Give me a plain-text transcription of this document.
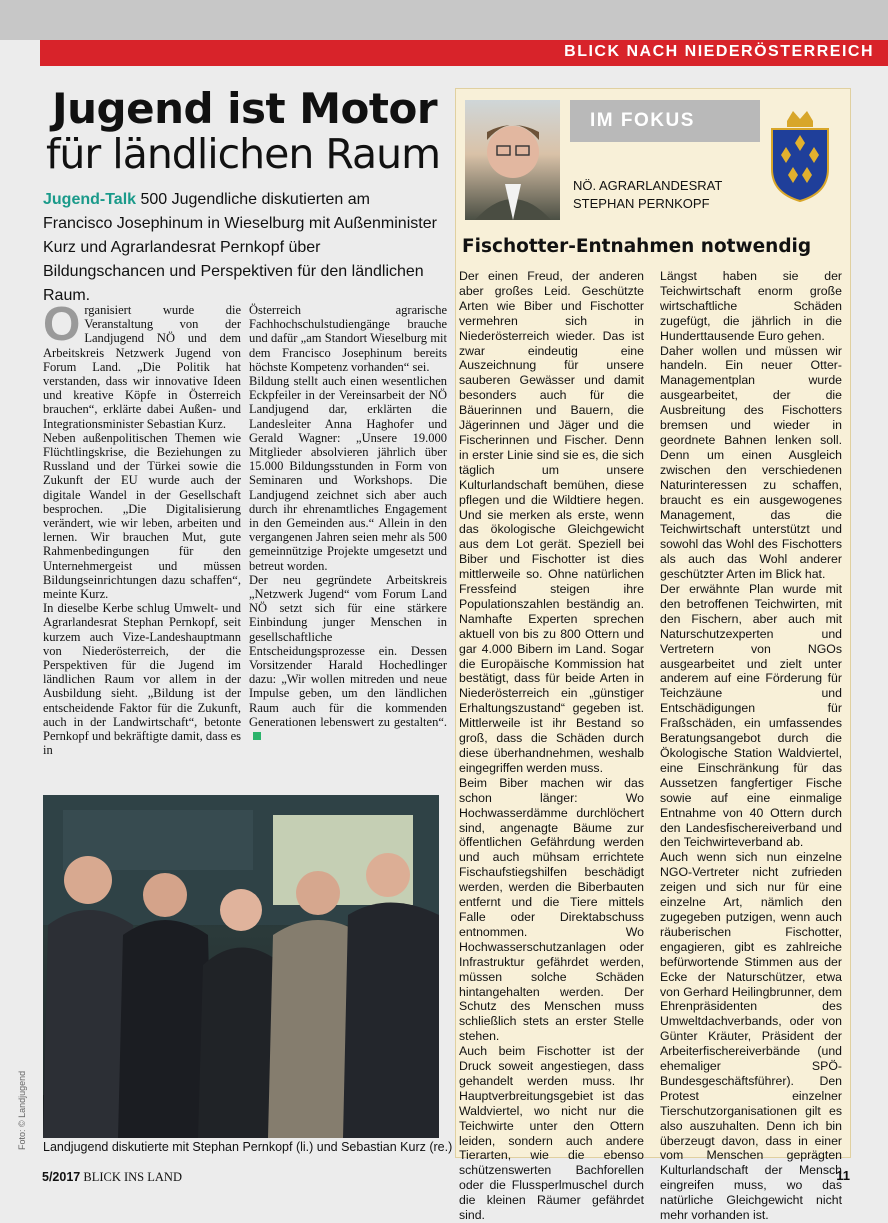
BLICK NACH NIEDERÖSTERREICH
Jugend ist Motor
für ländlichen Raum
Jugend-Talk 500 Jugendliche diskutierten am Francisco Josephinum in Wieselburg mit Außenminister Kurz und Agrarlandesrat Pernkopf über Bildungschancen und Perspektiven für den ländlichen Raum.

Organisiert wurde die Veranstaltung von der Landjugend NÖ und dem Arbeitskreis Netzwerk Jugend von Forum Land. „Die Politik hat verstanden, dass wir innovative Ideen und kreative Köpfe in Österreich brauchen“, erklärte dabei Außen- und Integrationsminister Sebastian Kurz.

Neben außenpolitischen Themen wie Flüchtlingskrise, die Beziehungen zu Russland und der Türkei sowie die Zukunft der EU wurde auch der digitale Wandel in der Gesellschaft besprochen. „Die Digitalisierung verändert, wie wir leben, arbeiten und lernen. Wir brauchen Mut, gute Rahmenbedingungen für den Unternehmergeist und müssen Bildungseinrichtungen dazu schaffen“, meinte Kurz.

In dieselbe Kerbe schlug Umwelt- und Agrarlandesrat Stephan Pernkopf, seit kurzem auch Vize-Landeshauptmann von Niederösterreich, der die Perspektiven für die Jugend im ländlichen Raum vor allem in der Ausbildung sieht. „Bildung ist der entscheidende Faktor für die Zukunft, auch in der Landwirtschaft“, betonte Pernkopf und bekräftigte damit, dass es in

Österreich agrarische Fachhochschulstudiengänge brauche und dafür „am Standort Wieselburg mit dem Francisco Josephinum bereits höchste Kompetenz vorhanden“ sei.

Bildung stellt auch einen wesentlichen Eckpfeiler in der Vereinsarbeit der NÖ Landjugend dar, erklärten die Landesleiter Anna Haghofer und Gerald Wagner: „Unsere 19.000 Mitglieder absolvieren jährlich über 15.000 Bildungsstunden in Form von Seminaren und Workshops. Die Landjugend zeichnet sich aber auch durch ihr ehrenamtliches Engagement in den Gemeinden aus.“ Allein in den vergangenen Jahren seien mehr als 500 gemeinnützige Projekte umgesetzt und betreut worden.

Der neu gegründete Arbeitskreis „Netzwerk Jugend“ vom Forum Land NÖ setzt sich für eine stärkere Einbindung junger Menschen in gesellschaftliche Entscheidungsprozesse ein. Dessen Vorsitzender Harald Hochedlinger dazu: „Wir wollen mitreden und neue Impulse geben, um den ländlichen Raum auch für die kommenden Generationen lebenswert zu gestalten“.

Landjugend diskutierte mit Stephan Pernkopf (li.) und Sebastian Kurz (re.)
Foto: © Landjugend
IM FOKUS
NÖ. AGRARLANDESRAT
STEPHAN PERNKOPF
Fischotter-Entnahmen notwendig

Der einen Freud, der anderen aber großes Leid. Geschützte Arten wie Biber und Fischotter vermehren sich in Niederösterreich wieder. Das ist zwar eindeutig eine Auszeichnung für unsere sauberen Gewässer und damit besonders auch für die Bäuerinnen und Bauern, die Jägerinnen und Jäger und die Fischerinnen und Fischer. Denn in erster Linie sind sie es, die sich täglich um unsere Kulturlandschaft bemühen, diese pflegen und die Wildtiere hegen. Und sie merken als erste, wenn das ökologische Gleichgewicht aus dem Lot gerät. Speziell bei Biber und Fischotter ist dies mittlerweile so. Ohne natürlichen Fressfeind steigen ihre Populationszahlen beständig an. Namhafte Experten sprechen aktuell von bis zu 800 Ottern und gar 4.000 Bibern im Land. Sogar die Europäische Kommission hat bestätigt, dass für beide Arten in Niederösterreich ein „günstiger Erhaltungszustand“ gegeben ist. Mittlerweile ist ihr Bestand so groß, dass die Schäden durch diese überhandnehmen, weshalb eingegriffen werden muss.

Beim Biber machen wir das schon länger: Wo Hochwasserdämme durchlöchert sind, angenagte Bäume zur öffentlichen Gefährdung werden und auch mühsam errichtete Fischaufstiegshilfen beschädigt werden, werden die Biberbauten entfernt und die Tiere mittels Falle oder Direktabschuss entnommen. Wo Hochwasserschutzanlagen oder Infrastruktur gefährdet werden, müssen solche Schäden hintangehalten werden. Der Schutz des Menschen muss schließlich stets an erster Stelle stehen.

Auch beim Fischotter ist der Druck soweit angestiegen, dass gehandelt werden muss. Ihr Hauptverbreitungsgebiet ist das Waldviertel, wo nicht nur die Teichwirte unter den Ottern leiden, sondern auch andere Tierarten, wie die ebenso schützenswerten Bachforellen oder die Flussperlmuschel durch die kleinen Räumer gefährdet sind.

Längst haben sie der Teichwirtschaft enorm große wirtschaftliche Schäden zugefügt, die jährlich in die Hunderttausende Euro gehen.

Daher wollen und müssen wir handeln. Ein neuer Otter-Managementplan wurde ausgearbeitet, der die Ausbreitung des Fischotters bremsen und wieder in geordnete Bahnen lenken soll. Denn um einen Ausgleich zwischen den verschiedenen Naturinteressen zu schaffen, braucht es ein ausgewogenes Management, das die Teichwirtschaft unterstützt und sowohl das Wohl des Fischotters als auch das Wohl anderer geschützter Arten im Blick hat.

Der erwähnte Plan wurde mit den betroffenen Teichwirten, mit den Fischern, aber auch mit Naturschutzexperten und Vertretern von NGOs ausgearbeitet und zielt unter anderem auf eine Förderung für Teichzäune und Entschädigungen für Fraßschäden, ein umfassendes Beratungsangebot durch die Ökologische Station Waldviertel, eine Einschränkung für das Aussetzen fangfertiger Fische sowie auf eine einmalige Entnahme von 40 Ottern durch den Landesfischereiverband und den Teichwirteverband ab.

Auch wenn sich nun einzelne NGO-Vertreter nicht zufrieden zeigen und sich nur für eine einzelne Art, nämlich den zugegeben putzigen, wenn auch räuberischen Fischotter, engagieren, gibt es zahlreiche befürwortende Stimmen aus der Ecke der Naturschützer, etwa von Gerhard Heilingbrunner, dem Ehrenpräsidenten des Umweltdachverbands, oder von Günter Kräuter, Präsident der Arbeiterfischereiverbände (und ehemaliger SPÖ-Bundesgeschäftsführer). Den Protest einzelner Tierschutzorganisationen gilt es also auszuhalten. Denn ich bin überzeugt davon, dass in einer vom Menschen geprägten Kulturlandschaft der Mensch eingreifen muss, wo das natürliche Gleichgewicht nicht mehr vorhanden ist.

5/2017 BLICK INS LAND	11
